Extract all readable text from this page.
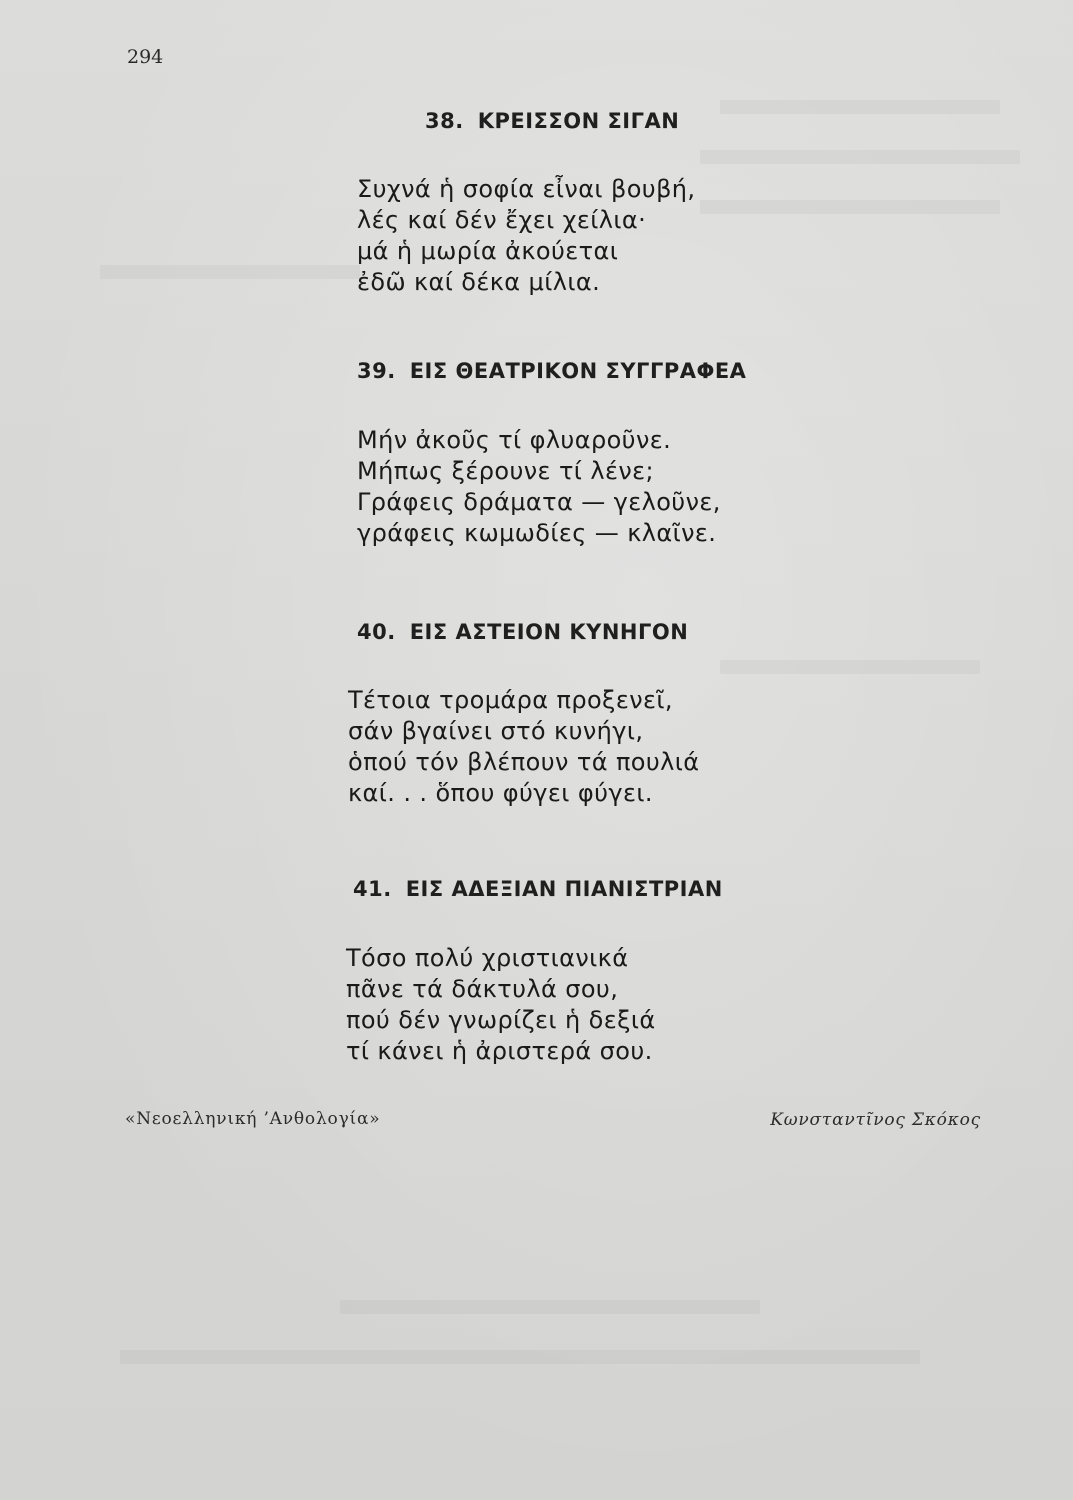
294
38. ΚΡΕΙΣΣΟΝ ΣΙΓΑΝ
Συχνά ἡ σοφία εἶναι βουβή,
λές καί δέν ἔχει χείλια·
μά ἡ μωρία ἀκούεται
ἐδῶ καί δέκα μίλια.
39. ΕΙΣ ΘΕΑΤΡΙΚΟΝ ΣΥΓΓΡΑΦΕΑ
Μήν ἀκοῦς τί φλυαροῦνε.
Μήπως ξέρουνε τί λένε;
Γράφεις δράματα — γελοῦνε,
γράφεις κωμωδίες — κλαῖνε.
40. ΕΙΣ ΑΣΤΕΙΟΝ ΚΥΝΗΓΟΝ
Τέτοια τρομάρα προξενεῖ,
σάν βγαίνει στό κυνήγι,
ὁπού τόν βλέπουν τά πουλιά
καί. . . ὅπου φύγει φύγει.
41. ΕΙΣ ΑΔΕΞΙΑΝ ΠΙΑΝΙΣΤΡΙΑΝ
Τόσο πολύ χριστιανικά
πᾶνε τά δάκτυλά σου,
πού δέν γνωρίζει ἡ δεξιά
τί κάνει ἡ ἀριστερά σου.
«Νεοελληνική ’Ανθολογία»	Κωνσταντῖνος Σκόκος
